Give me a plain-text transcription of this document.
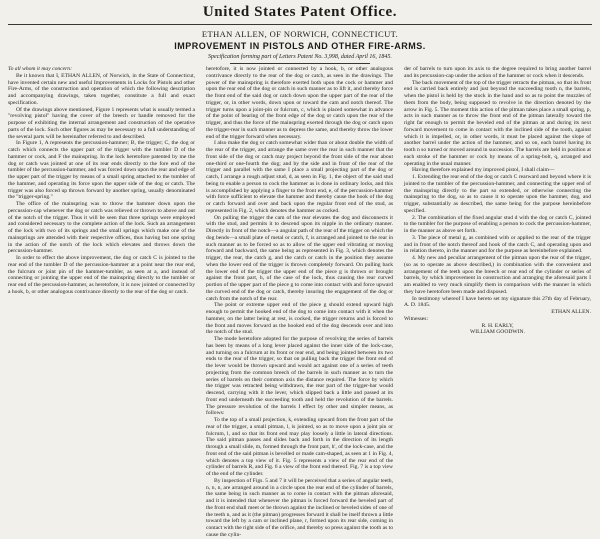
United States Patent Office.
ETHAN ALLEN, OF NORWICH, CONNECTICUT.
IMPROVEMENT IN PISTOLS AND OTHER FIRE-ARMS.
Specification forming part of Letters Patent No. 3,998, dated April 16, 1845.

To all whom it may concern:

Be it known that I, ETHAN ALLEN, of Norwich, in the State of Connecticut, have invented certain new and useful Improvements in Locks for Pistols and other Fire-Arms, of the construction and operation of which the following description and accompanying drawings, taken together, constitute a full and exact specification.

Of the drawings above mentioned, Figure 1 represents what is usually termed a "revolving pistol" having the cover of the breech or handle removed for the purpose of exhibiting the internal arrangement and construction of the operative parts of the lock. Such other figures as may be necessary to a full understanding of the several parts will be hereinafter referred to and described.

In Figure 1, A represents the percussion-hammer; B, the trigger; C, the dog or catch which connects the upper part of the trigger with the tumbler D of the hammer or cock, and F the mainspring. In the lock heretofore patented by me the dog or catch was jointed at one of its rear ends directly to the fore end of the tumbler of the percussion-hammer, and was forced down upon the rear and edge of the upper part of the trigger by means of a small spring attached to the tumbler of the hammer, and operating its force upon the upper side of the dog or catch. The trigger was also forced up thrown forward by another spring, usually denominated the "trigger-spring."

The office of the mainspring was to throw the hammer down upon the percussion-cap whenever the dog or catch was relieved or thrown to above and out of the notch of the trigger. Thus it will be seen that three springs were employed and considered necessary to the complete action of the lock. Such an arrangement of the lock with two of its springs and the small springs which make one of the mainsprings are attended with their respective offices, thus having but one spring in the action of the notch of the lock which elevates and throws down the percussion-hammer.

In order to effect the above improvement, the dog or catch C is jointed to the rear end of the tumbler D of the percussion-hammer at a point near the rear end, the fulcrum or joint pin of the hammer-tumbler, as seen at a, and instead of connecting or jointing the upper end of the mainspring directly to the tumbler or rear end of the percussion-hammer, as heretofore, it is now jointed or connected by a hook, b, or other analogous contrivance directly to the rear of the dog or catch.

heretofore, it is now jointed or connected by a hook, b, or other analogous contrivance directly to the rear of the dog or catch, as seen in the drawings. The power of the mainspring is therefore exerted both upon the cock or hammer and upon the rear end of the dog or catch in such manner as to lift it, and thereby force the front end of the said dog or catch down upon the upper part of the rear of the trigger, or, in other words, down upon or toward the cam and notch thereof. The trigger turns upon a joint-pin or fulcrum, c, which is placed somewhat in advance of the point of bearing of the front edge of the dog or catch upon the rear of the trigger, and thus the force of the mainspring exerted through the dog or catch upon the trigger-rear in such manner as to depress the same, and thereby throw the lower end of the trigger forward when necessary.

I also make the dog or catch somewhat wider than or about double the width of the rear of the trigger, and arrange the same over the rear in such manner that the front side of the dog or catch may project beyond the front side of the rear about one-third or one-fourth the dog; and by the side and in front of the rear of the trigger and parallel with the same I place a small projecting part of the dog or catch, I arrange a rough adjust stud, d, as seen in Fig. 1, the object of the said stud being to enable a person to cock the hammer as is done in ordinary locks, and this is accomplished by applying a finger to the front end, e, of the percussion-hammer with force sufficient to elevate the hammer and thereby cause the hook of the dog or catch forward and over and back upon the regular front end of the stud, as represented in Fig. 2, which denotes the hammer as cocked.

On pulling the trigger the cam of the rear elevates the dog and disconnects it with the stud, and permits it to descend upon its nipple in the ordinary manner. Directly in front of the notch—a angular path of the rear of the trigger on which the dog bends—a small plate of metal or catch, f, is arranged and jointed to the rear in such manner as to be forced so as to allow of the upper end vibrating or moving forward and backward, the same being as represented in Fig. 3, which denotes the trigger, the rear, the catch g, and the catch or catch in the position they assume when the lower end of the trigger is thrown completely forward. On pulling back the lower end of the trigger the upper end of the piece g is thrown or brought against the front part, h, of the case of the lock, thus causing the rear curved portion of the upper part of the piece g to come into contact with and force upward the curved end of the dog or catch, thereby insuring the engagement of the dog or catch from the notch of the rear.

The point or extreme upper end of the piece g should extend upward high enough to permit the hooked end of the dog to come into contact with it when the hammer, on the latter being at rest, is cocked, the trigger returns and is forced to the front and moves forward as the hooked end of the dog descends over and into the notch of the stud.

The mode heretofore adopted for the purpose of revolving the series of barrels has been by means of a long lever placed against the inner side of the lock-case, and turning on a fulcrum at its front or rear end, and being jointed between its two ends to the rear of the trigger, so that on pulling back the trigger the front end of the lever would be thrown upward and would act against one of a series of teeth projecting from the common breech of the barrels in such manner as to turn the series of barrels on their common axis the distance required. The force by which the trigger was retracted being withdrawn, the rear part of the trigger-bar would descend, carrying with it the lever, which slipped back a little and passed at its front end underneath the succeeding tooth and held the revolution of the barrels. The pressure revolution of the barrels I effect by other and simpler means, as follows:

To the top of a small projection, k, extending upward from the front part of the rear of the trigger, a small pitman, l, is jointed, so as to move upon a joint pin or fulcrum, l, and so that its front end may play loosely a little in lateral directions. The said pitman passes and slides back and forth in the direction of its length through a small slide, m, formed through the front part, h', of the lock-case, and the front end of the said pitman is bevelled or made cam-shaped, as seen at 1 in Fig. 4, which denotes a top view of it. Fig. 5 represents a view of the rear end of the cylinder of barrels R, and Fig. 6 a view of the front end thereof. Fig. 7 is a top view of the end of the cylinder.

By inspection of Figs. 5 and 7 it will be perceived that a series of angular teeth, n, n, n, are arranged around in a circle upon the rear end of the cylinder of barrels, the same being in such manner as to come in contact with the pitman aforesaid, and it is intended that whenever the pitman is forced forward the beveled part of the front end shall meet or be thrown against the inclined or beveled sides of one of the teeth n, and as it (the pitman) progresses forward it shall be itself thrown a little toward the left by a cam or inclined plane, r, formed upon its rear side, coming in contact with the right side of the orifice, and thereby so press against the tooth as to cause the cylin-

der of barrels to turn upon its axis to the degree required to bring another barrel and its percussion-cap under the action of the hammer or cock when it descends.

The back movement of the top of the trigger retracts the pitman, so that its front end is carried back entirely and just beyond the succeeding tooth n, the barrels, when the pistol is held by the stock in the hand and so as to point the muzzles of them from the body, being supposed to revolve in the direction denoted by the arrow in Fig. 5. The moment this action of the pitman takes place a small spring, p, acts in such manner as to throw the front end of the pitman laterally toward the right far enough to permit the beveled end of the pitman at and during its next forward movement to come in contact with the inclined side of the tooth, against which it is impelled, or, in other words, it must be placed against the slope of another barrel under the action of the hammer, and so on, each barrel having its tooth n so turned or moved around in succession. The barrels are held in position at each stroke of the hammer or cock by means of a spring-bolt, q, arranged and operating in the usual manner.

Having therefore explained my improved pistol, I shall claim—

1. Extending the rear end of the dog or catch C rearward and beyond where it is jointed to the tumbler of the percussion-hammer, and connecting the upper end of the mainspring directly to the part so extended, or otherwise connecting the mainspring to the dog, so as to cause it to operate upon the hammer, dog, and trigger, substantially as described, the same being for the purpose hereinbefore specified.

2. The combination of the fixed angular stud d with the dog or catch C, jointed to the tumbler for the purpose of enabling a person to cock the percussion-hammer, in the manner as above set forth.

3. The piece of metal g, as combined with or applied to the rear of the trigger and in front of the notch thereof and hook of the catch C, and operating upon and in relation thereto, in the manner and for the purpose as hereinbefore explained.

4. My new and peculiar arrangement of the pitman upon the rear of the trigger, (so as to operate as above described,) in combination with the convenient and arrangement of the teeth upon the breech or rear end of the cylinder or series of barrels, by which improvement in construction and arranging the aforesaid parts I am enabled to very much simplify them in comparison with the manner in which they have heretofore been made and disposed.

In testimony whereof I have hereto set my signature this 27th day of February, A. D. 1845.

ETHAN ALLEN.

Witnesses:

R. H. EARLY,

WILLIAM GOODWIN.
